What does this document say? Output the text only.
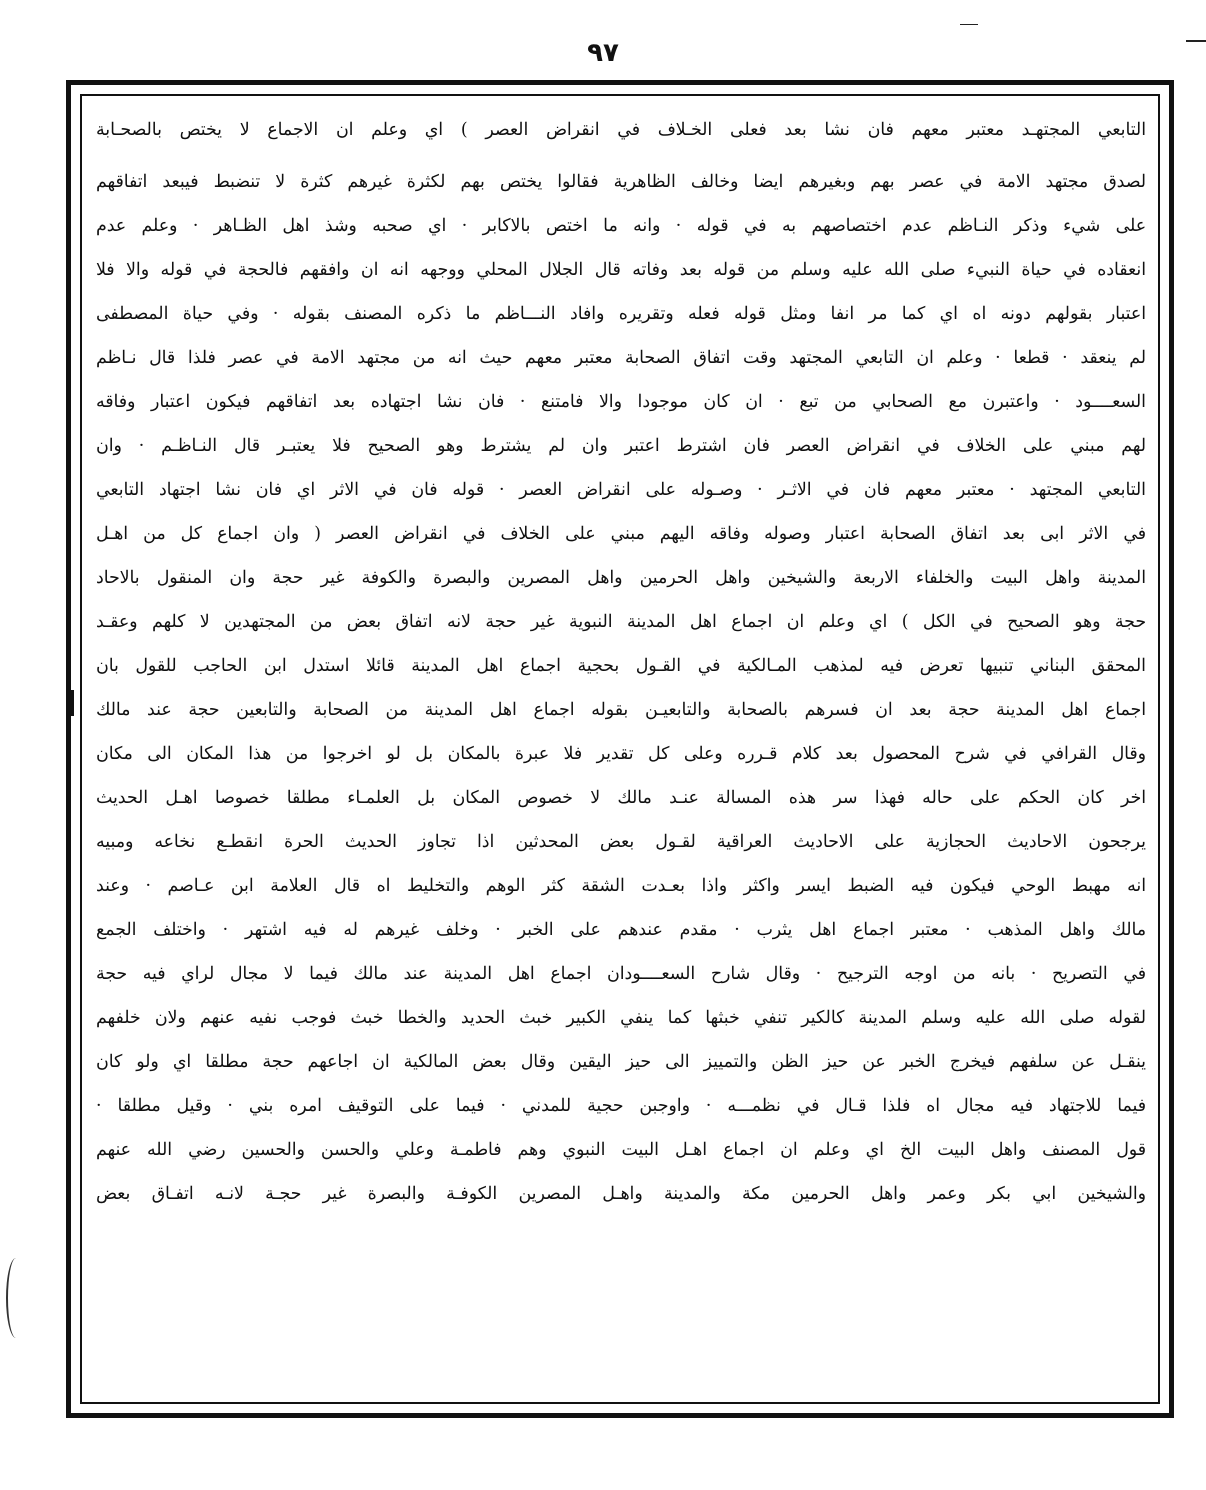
٩٧
التابعي المجتهـد معتبر معهم فان نشا بعد فعلى الخـلاف في انقراض العصر ) اي وعلم ان الاجماع لا يختص بالصحـابة
لصدق مجتهد الامة في عصر بهم وبغيرهم ايضا وخالف الظاهرية فقالوا يختص بهم لكثرة غيرهم كثرة لا تنضبط فيبعد اتفاقهم
على شيء وذكر النـاظم عدم اختصاصهم به في قوله · وانه ما اختص بالاكابر · اي صحبه وشذ اهل الظـاهر · وعلم عدم
انعقاده في حياة النبيء صلى الله عليه وسلم من قوله بعد وفاته قال الجلال المحلي ووجهه انه ان وافقهم فالحجة في قوله والا فلا
اعتبار بقولهم دونه اه اي كما مر انفا ومثل قوله فعله وتقريره وافاد النـــاظم ما ذكره المصنف بقوله · وفي حياة المصطفى
لم ينعقد · قطعا · وعلم ان التابعي المجتهد وقت اتفاق الصحابة معتبر معهم حيث انه من مجتهد الامة في عصر فلذا قال نـاظم
السعــــود · واعتبرن مع الصحابي من تبع · ان كان موجودا والا فامتنع · فان نشا اجتهاده بعد اتفاقهم فيكون اعتبار وفاقه
لهم مبني على الخلاف في انقراض العصر فان اشترط اعتبر وان لم يشترط وهو الصحيح فلا يعتبـر قال النـاظـم · وان
التابعي المجتهد · معتبر معهم فان في الاثـر · وصـوله على انقراض العصر · قوله فان في الاثر اي فان نشا اجتهاد التابعي
في الاثر ابى بعد اتفاق الصحابة اعتبار وصوله وفاقه اليهم مبني على الخلاف في انقراض العصر ( وان اجماع كل من اهـل
المدينة واهل البيت والخلفاء الاربعة والشيخين واهل الحرمين واهل المصرين والبصرة والكوفة غير حجة وان المنقول بالاحاد
حجة وهو الصحيح في الكل ) اي وعلم ان اجماع اهل المدينة النبوية غير حجة لانه اتفاق بعض من المجتهدين لا كلهم وعقـد
المحقق البناني تنبيها تعرض فيه لمذهب المـالكية في القـول بحجية اجماع اهل المدينة قائلا استدل ابن الحاجب للقول بان
اجماع اهل المدينة حجة بعد ان فسرهم بالصحابة والتابعيـن بقوله اجماع اهل المدينة من الصحابة والتابعين حجة عند مالك
وقال القرافي في شرح المحصول بعد كلام قـرره وعلى كل تقدير فلا عبرة بالمكان بل لو اخرجوا من هذا المكان الى مكان
اخر كان الحكم على حاله فهذا سر هذه المسالة عنـد مالك لا خصوص المكان بل العلمـاء مطلقا خصوصا اهـل الحديث
يرجحون الاحاديث الحجازية على الاحاديث العراقية لقـول بعض المحدثين اذا تجاوز الحديث الحرة انقطـع نخاعه ومبيه
انه مهبط الوحي فيكون فيه الضبط ايسر واكثر واذا بعـدت الشقة كثر الوهم والتخليط اه قال العلامة ابن عـاصم · وعند
مالك واهل المذهب · معتبر اجماع اهل يثرب · مقدم عندهم على الخبر · وخلف غيرهم له فيه اشتهر · واختلف الجمع
في التصريح · بانه من اوجه الترجيح · وقال شارح السعــــودان اجماع اهل المدينة عند مالك فيما لا مجال لراي فيه حجة
لقوله صلى الله عليه وسلم المدينة كالكير تنفي خبثها كما ينفي الكبير خبث الحديد والخطا خبث فوجب نفيه عنهم ولان خلفهم
ينقـل عن سلفهم فيخرج الخبر عن حيز الظن والتمييز الى حيز اليقين وقال بعض المالكية ان اجاعهم حجة مطلقا اي ولو كان
فيما للاجتهاد فيه مجال اه فلذا قـال في نظمـــه · واوجبن حجية للمدني · فيما على التوقيف امره بني · وقيل مطلقا ·
قول المصنف واهل البيت الخ اي وعلم ان اجماع اهـل البيت النبوي وهم فاطمـة وعلي والحسن والحسين رضي الله عنهم
والشيخين ابي بكر وعمر واهل الحرمين مكة والمدينة واهـل المصرين الكوفـة والبصرة غير حجـة لانـه اتفـاق بعض
